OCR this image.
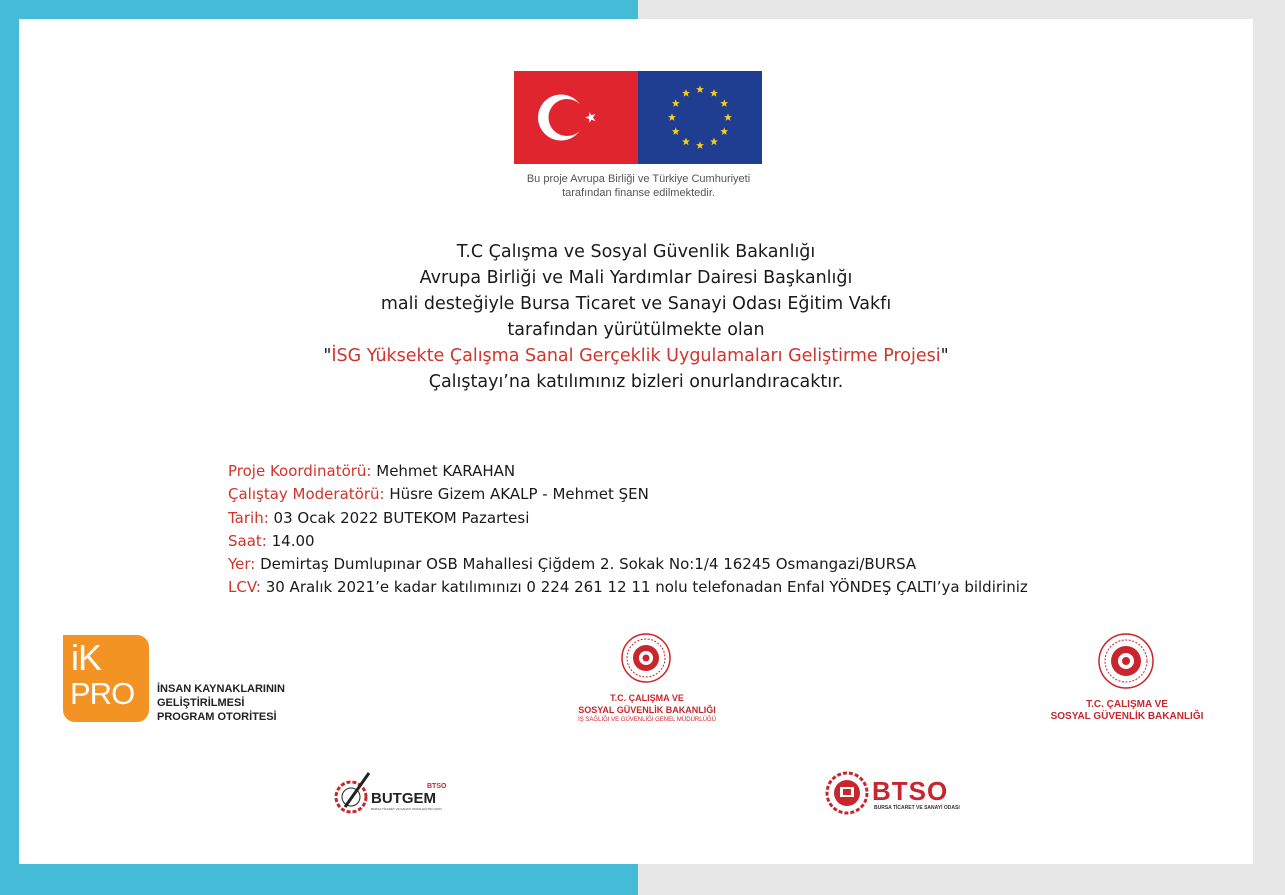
Bu proje Avrupa Birliği ve Türkiye Cumhuriyeti
tarafından finanse edilmektedir.
T.C Çalışma ve Sosyal Güvenlik Bakanlığı
Avrupa Birliği ve Mali Yardımlar Dairesi Başkanlığı
mali desteğiyle Bursa Ticaret ve Sanayi Odası Eğitim Vakfı
tarafından yürütülmekte olan
"İSG Yüksekte Çalışma Sanal Gerçeklik Uygulamaları Geliştirme Projesi"
Çalıştayı’na katılımınız bizleri onurlandıracaktır.
Proje Koordinatörü: Mehmet KARAHAN
Çalıştay Moderatörü: Hüsre Gizem AKALP - Mehmet ŞEN
Tarih: 03 Ocak 2022 BUTEKOM Pazartesi
Saat: 14.00
Yer: Demirtaş Dumlupınar OSB Mahallesi Çiğdem 2. Sokak No:1/4 16245 Osmangazi/BURSA
LCV: 30 Aralık 2021’e kadar katılımınızı 0 224 261 12 11 nolu telefonadan Enfal YÖNDEŞ ÇALTI’ya bildiriniz
iK
PRO İNSAN KAYNAKLARININ
GELİŞTİRİLMESİ
PROGRAM OTORİTESİ
T.C. ÇALIŞMA VE
SOSYAL GÜVENLİK BAKANLIĞI
İŞ SAĞLIĞI VE GÜVENLİĞİ GENEL MÜDÜRLÜĞÜ
T.C. ÇALIŞMA VE
SOSYAL GÜVENLİK BAKANLIĞI
BTSO
BUTGEM
BURSA TİCARET VE SANAYİ ODASI EĞİTİM VAKFI
BTSO
BURSA TİCARET VE SANAYİ ODASI
